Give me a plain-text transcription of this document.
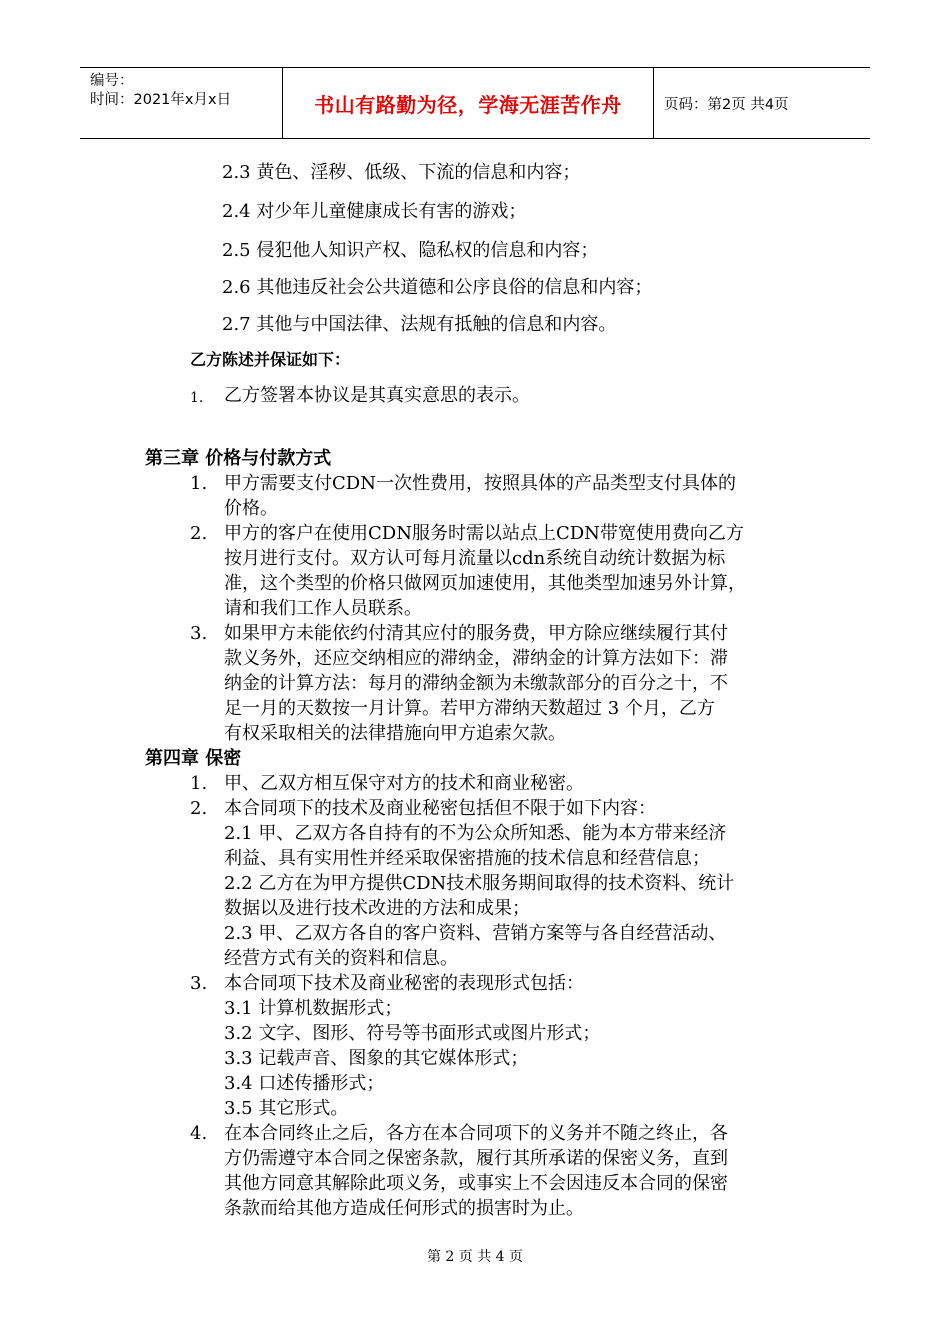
编号：
时间：2021年x月x日	书山有路勤为径，学海无涯苦作舟	页码：第2页 共4页
2.3 黄色、淫秽、低级、下流的信息和内容；
2.4 对少年儿童健康成长有害的游戏；
2.5 侵犯他人知识产权、隐私权的信息和内容；
2.6 其他违反社会公共道德和公序良俗的信息和内容；
2.7 其他与中国法律、法规有抵触的信息和内容。
乙方陈述并保证如下：
1. 乙方签署本协议是其真实意思的表示。
第三章 价格与付款方式
1. 甲方需要支付CDN一次性费用，按照具体的产品类型支付具体的
价格。
2. 甲方的客户在使用CDN服务时需以站点上CDN带宽使用费向乙方
按月进行支付。双方认可每月流量以cdn系统自动统计数据为标
准，这个类型的价格只做网页加速使用，其他类型加速另外计算，
请和我们工作人员联系。
3. 如果甲方未能依约付清其应付的服务费，甲方除应继续履行其付
款义务外，还应交纳相应的滞纳金，滞纳金的计算方法如下：滞
纳金的计算方法：每月的滞纳金额为未缴款部分的百分之十，不
足一月的天数按一月计算。若甲方滞纳天数超过 3 个月，乙方
有权采取相关的法律措施向甲方追索欠款。
第四章 保密
1. 甲、乙双方相互保守对方的技术和商业秘密。
2. 本合同项下的技术及商业秘密包括但不限于如下内容：
2.1 甲、乙双方各自持有的不为公众所知悉、能为本方带来经济
利益、具有实用性并经采取保密措施的技术信息和经营信息；
2.2 乙方在为甲方提供CDN技术服务期间取得的技术资料、统计
数据以及进行技术改进的方法和成果；
2.3 甲、乙双方各自的客户资料、营销方案等与各自经营活动、
经营方式有关的资料和信息。
3. 本合同项下技术及商业秘密的表现形式包括：
3.1 计算机数据形式；
3.2 文字、图形、符号等书面形式或图片形式；
3.3 记载声音、图象的其它媒体形式；
3.4 口述传播形式；
3.5 其它形式。
4. 在本合同终止之后，各方在本合同项下的义务并不随之终止，各
方仍需遵守本合同之保密条款，履行其所承诺的保密义务，直到
其他方同意其解除此项义务，或事实上不会因违反本合同的保密
条款而给其他方造成任何形式的损害时为止。
第 2 页 共 4 页
